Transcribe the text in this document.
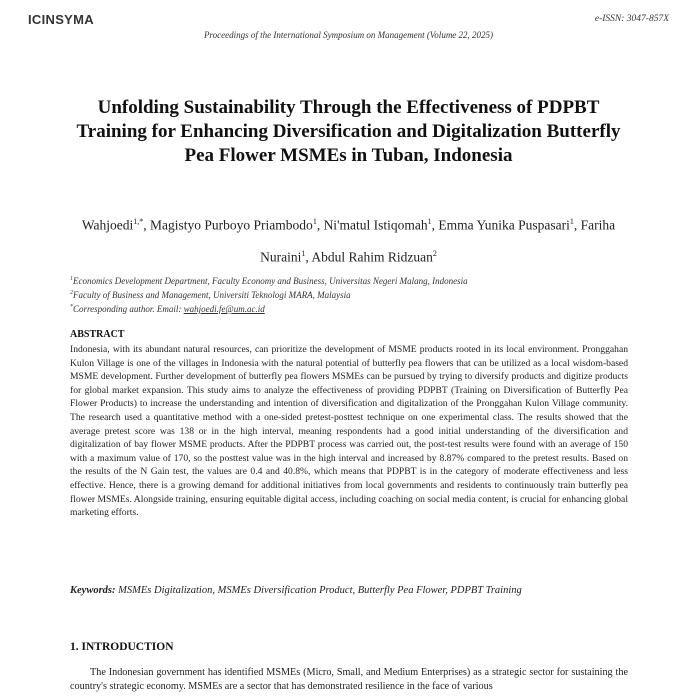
ICINSYMA	e-ISSN: 3047-857X
Proceedings of the International Symposium on Management (Volume 22, 2025)
Unfolding Sustainability Through the Effectiveness of PDPBT Training for Enhancing Diversification and Digitalization Butterfly Pea Flower MSMEs in Tuban, Indonesia
Wahjoedi$^{1,*}$, Magistyo Purboyo Priambodo$^1$, Ni'matul Istiqomah$^1$, Emma Yunika Puspasari$^1$, Fariha Nuraini$^1$, Abdul Rahim Ridzuan$^2$
$^1$Economics Development Department, Faculty Economy and Business, Universitas Negeri Malang, Indonesia
$^2$Faculty of Business and Management, Universiti Teknologi MARA, Malaysia
*Corresponding author. Email: wahjoedi.fe@um.ac.id
ABSTRACT
Indonesia, with its abundant natural resources, can prioritize the development of MSME products rooted in its local environment. Pronggahan Kulon Village is one of the villages in Indonesia with the natural potential of butterfly pea flowers that can be utilized as a local wisdom-based MSME development. Further development of butterfly pea flowers MSMEs can be pursued by trying to diversify products and digitize products for global market expansion. This study aims to analyze the effectiveness of providing PDPBT (Training on Diversification of Butterfly Pea Flower Products) to increase the understanding and intention of diversification and digitalization of the Pronggahan Kulon Village community. The research used a quantitative method with a one-sided pretest-posttest technique on one experimental class. The results showed that the average pretest score was 138 or in the high interval, meaning respondents had a good initial understanding of the diversification and digitalization of bay flower MSME products. After the PDPBT process was carried out, the post-test results were found with an average of 150 with a maximum value of 170, so the posttest value was in the high interval and increased by 8.87% compared to the pretest results. Based on the results of the N Gain test, the values are 0.4 and 40.8%, which means that PDPBT is in the category of moderate effectiveness and less effective. Hence, there is a growing demand for additional initiatives from local governments and residents to continuously train butterfly pea flower MSMEs. Alongside training, ensuring equitable digital access, including coaching on social media content, is crucial for enhancing global marketing efforts.
Keywords: MSMEs Digitalization, MSMEs Diversification Product, Butterfly Pea Flower, PDPBT Training
1. INTRODUCTION
The Indonesian government has identified MSMEs (Micro, Small, and Medium Enterprises) as a strategic sector for sustaining the country's strategic economy. MSMEs are a sector that has demonstrated resilience in the face of various
